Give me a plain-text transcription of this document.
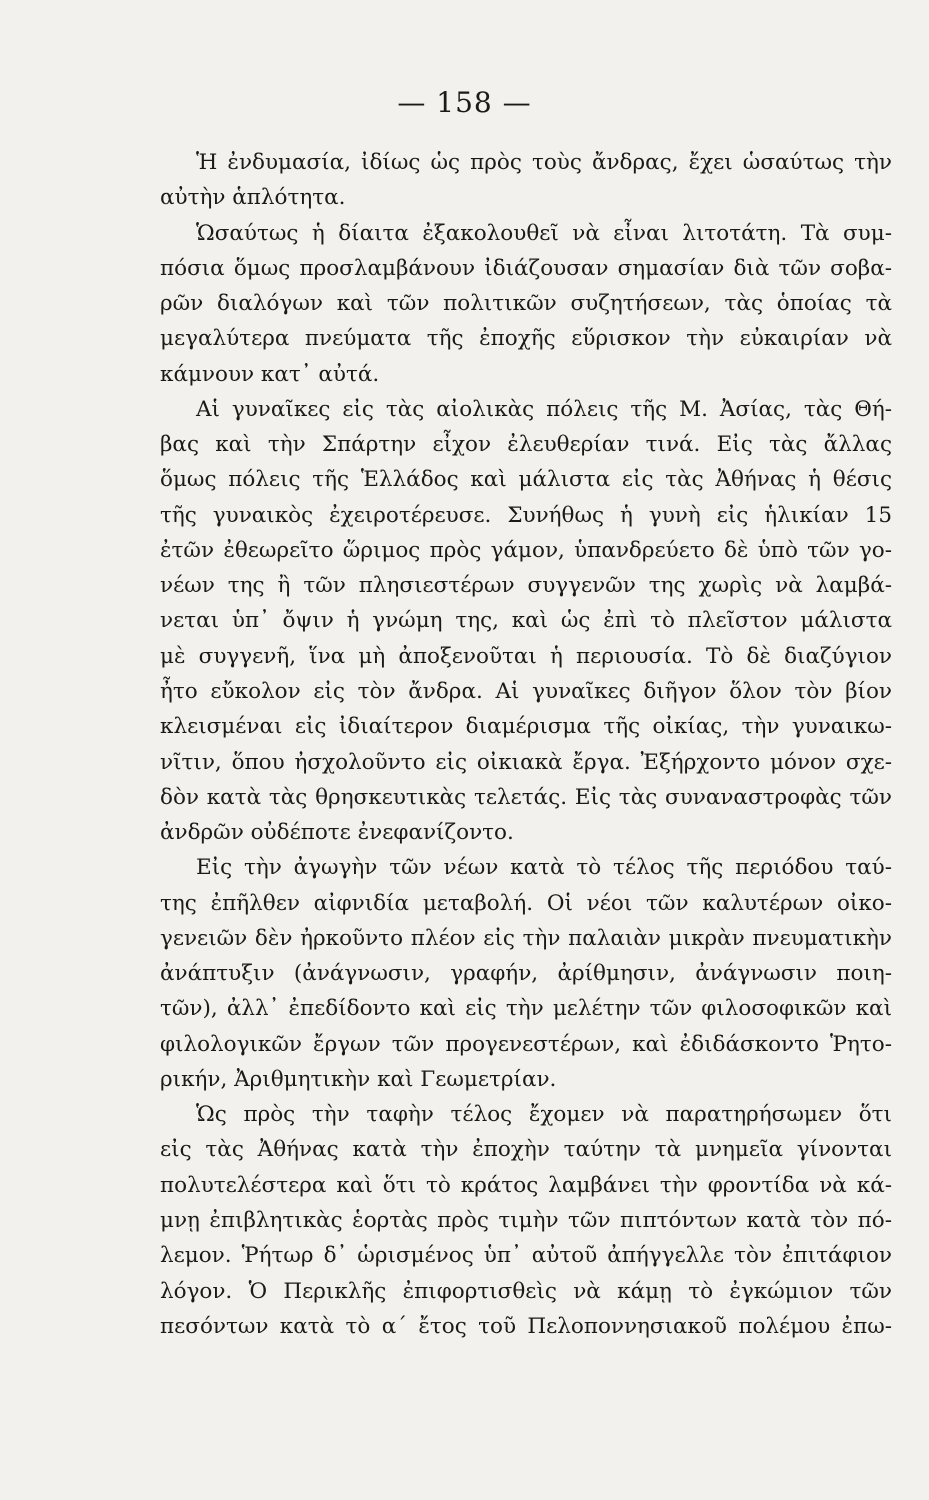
— 158 —
Ἡ ἐνδυμασία, ἰδίως ὡς πρὸς τοὺς ἄνδρας, ἔχει ὡσαύτως τὴν
αὐτὴν ἁπλότητα.
Ὡσαύτως ἡ δίαιτα ἐξακολουθεῖ νὰ εἶναι λιτοτάτη. Τὰ συμ-
πόσια ὅμως προσλαμβάνουν ἰδιάζουσαν σημασίαν διὰ τῶν σοβα-
ρῶν διαλόγων καὶ τῶν πολιτικῶν συζητήσεων, τὰς ὁποίας τὰ
μεγαλύτερα πνεύματα τῆς ἐποχῆς εὕρισκον τὴν εὐκαιρίαν νὰ
κάμνουν κατ᾽ αὐτά.
Αἱ γυναῖκες εἰς τὰς αἰολικὰς πόλεις τῆς Μ. Ἀσίας, τὰς Θή-
βας καὶ τὴν Σπάρτην εἶχον ἐλευθερίαν τινά. Εἰς τὰς ἄλλας
ὅμως πόλεις τῆς Ἑλλάδος καὶ μάλιστα εἰς τὰς Ἀθήνας ἡ θέσις
τῆς γυναικὸς ἐχειροτέρευσε. Συνήθως ἡ γυνὴ εἰς ἡλικίαν 15
ἐτῶν ἐθεωρεῖτο ὥριμος πρὸς γάμον, ὑπανδρεύετο δὲ ὑπὸ τῶν γο-
νέων της ἢ τῶν πλησιεστέρων συγγενῶν της χωρὶς νὰ λαμβά-
νεται ὑπ᾽ ὄψιν ἡ γνώμη της, καὶ ὡς ἐπὶ τὸ πλεῖστον μάλιστα
μὲ συγγενῆ, ἵνα μὴ ἀποξενοῦται ἡ περιουσία. Τὸ δὲ διαζύγιον
ἦτο εὔκολον εἰς τὸν ἄνδρα. Αἱ γυναῖκες διῆγον ὅλον τὸν βίον
κλεισμέναι εἰς ἰδιαίτερον διαμέρισμα τῆς οἰκίας, τὴν γυναικω-
νῖτιν, ὅπου ἠσχολοῦντο εἰς οἰκιακὰ ἔργα. Ἐξήρχοντο μόνον σχε-
δὸν κατὰ τὰς θρησκευτικὰς τελετάς. Εἰς τὰς συναναστροφὰς τῶν
ἀνδρῶν οὐδέποτε ἐνεφανίζοντο.
Εἰς τὴν ἀγωγὴν τῶν νέων κατὰ τὸ τέλος τῆς περιόδου ταύ-
της ἐπῆλθεν αἰφνιδία μεταβολή. Οἱ νέοι τῶν καλυτέρων οἰκο-
γενειῶν δὲν ἠρκοῦντο πλέον εἰς τὴν παλαιὰν μικρὰν πνευματικὴν
ἀνάπτυξιν (ἀνάγνωσιν, γραφήν, ἀρίθμησιν, ἀνάγνωσιν ποιη-
τῶν), ἀλλ᾽ ἐπεδίδοντο καὶ εἰς τὴν μελέτην τῶν φιλοσοφικῶν καὶ
φιλολογικῶν ἔργων τῶν προγενεστέρων, καὶ ἐδιδάσκοντο Ῥητο-
ρικήν, Ἀριθμητικὴν καὶ Γεωμετρίαν.
Ὡς πρὸς τὴν ταφὴν τέλος ἔχομεν νὰ παρατηρήσωμεν ὅτι
εἰς τὰς Ἀθήνας κατὰ τὴν ἐποχὴν ταύτην τὰ μνημεῖα γίνονται
πολυτελέστερα καὶ ὅτι τὸ κράτος λαμβάνει τὴν φροντίδα νὰ κά-
μνῃ ἐπιβλητικὰς ἑορτὰς πρὸς τιμὴν τῶν πιπτόντων κατὰ τὸν πό-
λεμον. Ῥήτωρ δ᾽ ὡρισμένος ὑπ᾽ αὐτοῦ ἀπήγγελλε τὸν ἐπιτάφιον
λόγον. Ὁ Περικλῆς ἐπιφορτισθεὶς νὰ κάμῃ τὸ ἐγκώμιον τῶν
πεσόντων κατὰ τὸ α΄ ἔτος τοῦ Πελοποννησιακοῦ πολέμου ἐπω-
